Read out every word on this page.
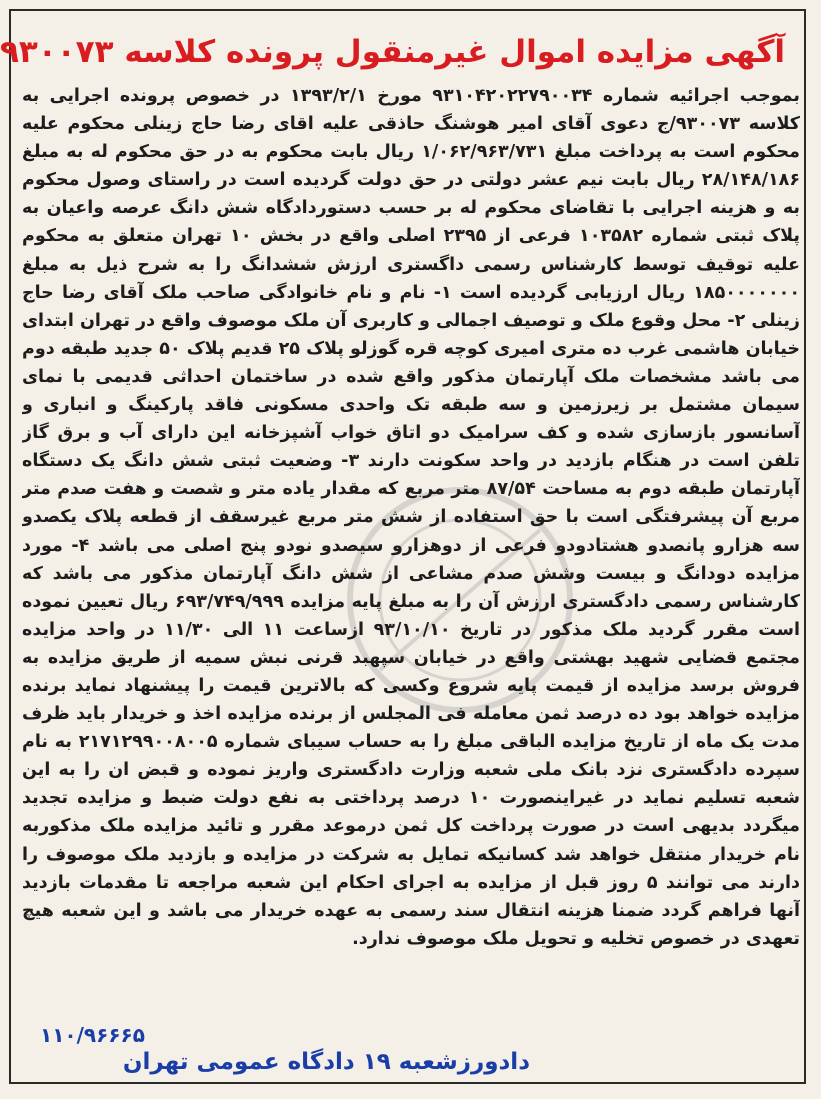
آگهی مزایده اموال غیرمنقول پرونده کلاسه ۹۳۰۰۷۳

بموجب اجرائیه شماره ۹۳۱۰۴۲۰۲۲۷۹۰۰۳۴ مورخ ۱۳۹۳/۲/۱ در خصوص پرونده اجرایی به کلاسه ۹۳۰۰۷۳/ج دعوی آقای امیر هوشنگ حاذقی علیه اقای رضا حاج زینلی محکوم علیه محکوم است به پرداخت مبلغ ۱/۰۶۲/۹۶۳/۷۳۱ ریال بابت محکوم به در حق محکوم له به مبلغ ۲۸/۱۴۸/۱۸۶ ریال بابت نیم عشر دولتی در حق دولت گردیده است در راستای وصول محکوم به و هزینه اجرایی با تقاضای محکوم له بر حسب دستوردادگاه شش دانگ عرصه واعیان به پلاک ثبتی شماره ۱۰۳۵۸۲ فرعی از ۲۳۹۵ اصلی واقع در بخش ۱۰ تهران متعلق به محکوم علیه توقیف توسط کارشناس رسمی داگستری ارزش ششدانگ را به شرح ذیل به مبلغ ۱۸۵۰۰۰۰۰۰۰ ریال ارزیابی گردیده است ۱- نام و نام خانوادگی صاحب ملک آقای رضا حاج زینلی ۲- محل وقوع ملک و توصیف اجمالی و کاربری آن ملک موصوف واقع در تهران ابتدای خیابان هاشمی غرب ده متری امیری کوچه قره گوزلو پلاک ۲۵ قدیم پلاک ۵۰ جدید طبقه دوم می باشد مشخصات ملک آپارتمان مذکور واقع شده در ساختمان احداثی قدیمی با نمای سیمان مشتمل بر زیرزمین و سه طبقه تک واحدی مسکونی فاقد پارکینگ و انباری و آسانسور بازسازی شده و کف سرامیک دو اتاق خواب آشپزخانه این دارای آب و برق گاز تلفن است در هنگام بازدید در واحد سکونت دارند ۳- وضعیت ثبتی شش دانگ یک دستگاه آپارتمان طبقه دوم به مساحت ۸۷/۵۴ متر مربع که مقدار یاده متر و شصت و هفت صدم متر مربع آن پیشرفتگی است با حق استفاده از شش متر مربع غیرسقف از قطعه پلاک یکصدو سه هزارو پانصدو هشتادودو فرعی از دوهزارو سیصدو نودو پنج اصلی می باشد ۴- مورد مزایده دودانگ و بیست وشش صدم مشاعی از شش دانگ آپارتمان مذکور می باشد که کارشناس رسمی دادگستری ارزش آن را به مبلغ پایه مزایده ۶۹۳/۷۴۹/۹۹۹ ریال تعیین نموده است مقرر گردید ملک مذکور در تاریخ ۹۳/۱۰/۱۰ ازساعت ۱۱ الی ۱۱/۳۰ در واحد مزایده مجتمع قضایی شهید بهشتی واقع در خیابان سپهبد قرنی نبش سمیه از طریق مزایده به فروش برسد مزایده از قیمت پایه شروع وکسی که بالاترین قیمت را پیشنهاد نماید برنده مزایده خواهد بود ده درصد ثمن معامله فی المجلس از برنده مزایده اخذ و خریدار باید ظرف مدت یک ماه از تاریخ مزایده الباقی مبلغ را به حساب سیبای شماره ۲۱۷۱۲۹۹۰۰۸۰۰۵ به نام سپرده دادگستری نزد بانک ملی شعبه وزارت دادگستری واریز نموده و قبض ان را به این شعبه تسلیم نماید در غیراینصورت ۱۰ درصد پرداختی به نفع دولت ضبط و مزایده تجدید میگردد بدیهی است در صورت پرداخت کل ثمن درموعد مقرر و تائید مزایده ملک مذکوربه نام خریدار منتقل خواهد شد کسانیکه تمایل به شرکت در مزایده و بازدید ملک موصوف را دارند می توانند ۵ روز قبل از مزایده به اجرای احکام این شعبه مراجعه تا مقدمات بازدید آنها فراهم گردد ضمنا هزینه انتقال سند رسمی به عهده خریدار می باشد و این شعبه هیچ تعهدی در خصوص تخلیه و تحویل ملک موصوف ندارد.

۱۱۰/۹۶۶۶۵
دادورزشعبه ۱۹ دادگاه عمومی تهران
